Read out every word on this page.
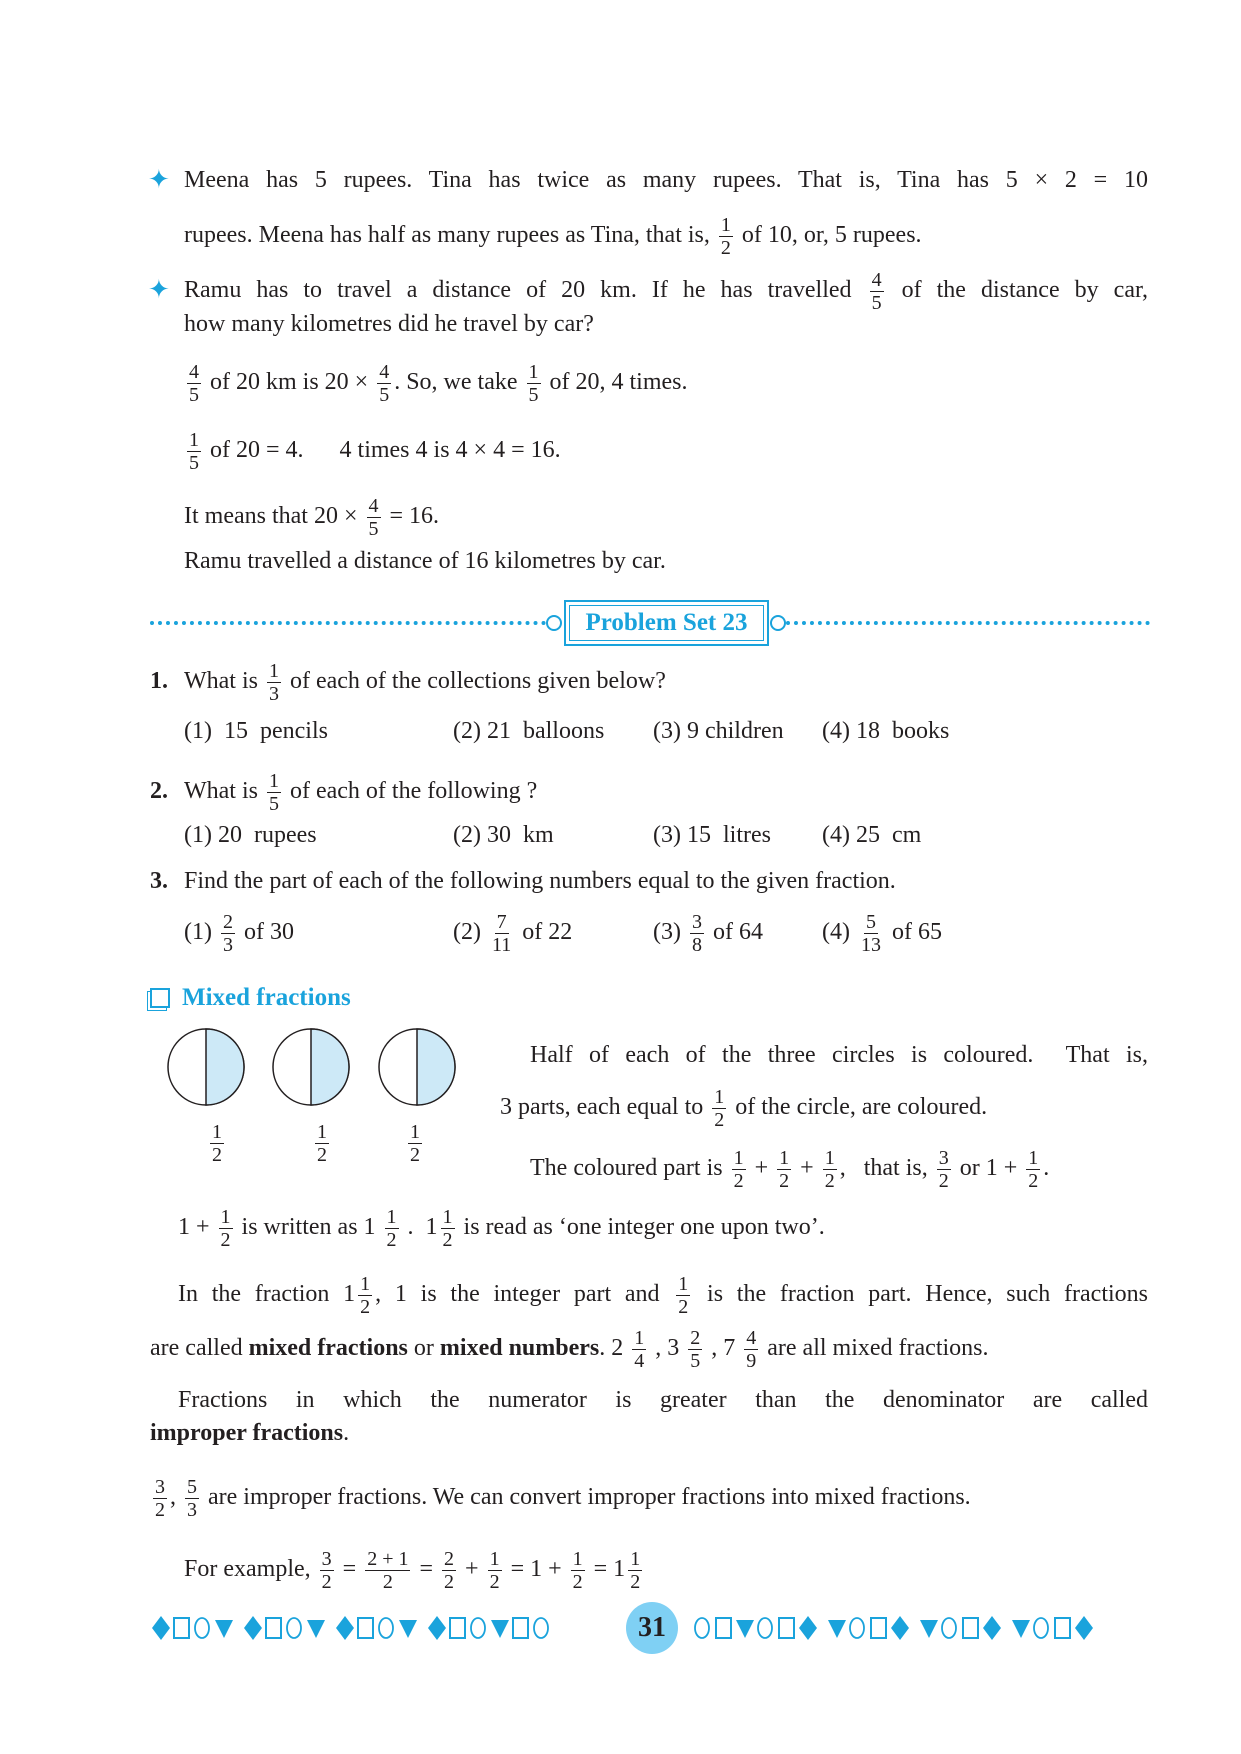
✦ Meena has 5 rupees. Tina has twice as many rupees. That is, Tina has 5 × 2 = 10
rupees. Meena has half as many rupees as Tina, that is, $\frac{1}{2}$ of 10, or, 5 rupees.
✦ Ramu has to travel a distance of 20 km. If he has travelled $\frac{4}{5}$ of the distance by car,
how many kilometres did he travel by car?
$\frac{4}{5}$ of 20 km is $20 \times \frac{4}{5}$ . So, we take $\frac{1}{5}$ of 20, 4 times.
$\frac{1}{5}$ of 20 = 4.      4 times 4 is 4 × 4 = 16.
It means that $20 \times \frac{4}{5} = 16$.
Ramu travelled a distance of 16 kilometres by car.
Problem Set 23
1. What is $\frac{1}{3}$ of each of the collections given below?
(1)  15  pencils	(2) 21  balloons (3) 9 children (4) 18  books
2. What is $\frac{1}{5}$ of each of the following ?
(1) 20  rupees	(2) 30  km	(3) 15  litres (4) 25  cm
3. Find the part of each of the following numbers equal to the given fraction.
$(1) \frac{2}{3}$ of 30	$(2) \frac{7}{11}$ of 22	$(3) \frac{3}{8}$ of 64 $(4) \frac{5}{13}$ of 65
Mixed fractions
$\frac{1}{2}$	$\frac{1}{2}$	$\frac{1}{2}$
Half of each of the three circles is coloured.  That is,
3 parts, each equal to $\frac{1}{2}$ of the circle, are coloured.
The coloured part is $\frac{1}{2} + \frac{1}{2} + \frac{1}{2}$ ,   that is, $\frac{3}{2}$ or $1 + \frac{1}{2}$ .
$1 + \frac{1}{2}$ is written as $1 \frac{1}{2}$ .  $1 \frac{1}{2}$ is read as ‘one integer one upon two’.
In the fraction $1 \frac{1}{2}$ , 1 is the integer part and $\frac{1}{2}$ is the fraction part. Hence, such fractions
are called mixed fractions or mixed numbers. $2 \frac{1}{4}$ , $3 \frac{2}{5}$ , $7 \frac{4}{9}$ are all mixed fractions.
Fractions in which the numerator is greater than the denominator are called
improper fractions.
$\frac{3}{2}$ , $\frac{5}{3}$ are improper fractions. We can convert improper fractions into mixed fractions.
For example, $\frac{3}{2} = \frac{2 + 1}{2} = \frac{2}{2} + \frac{1}{2} = 1 + \frac{1}{2} = 1 \frac{1}{2}$
31
